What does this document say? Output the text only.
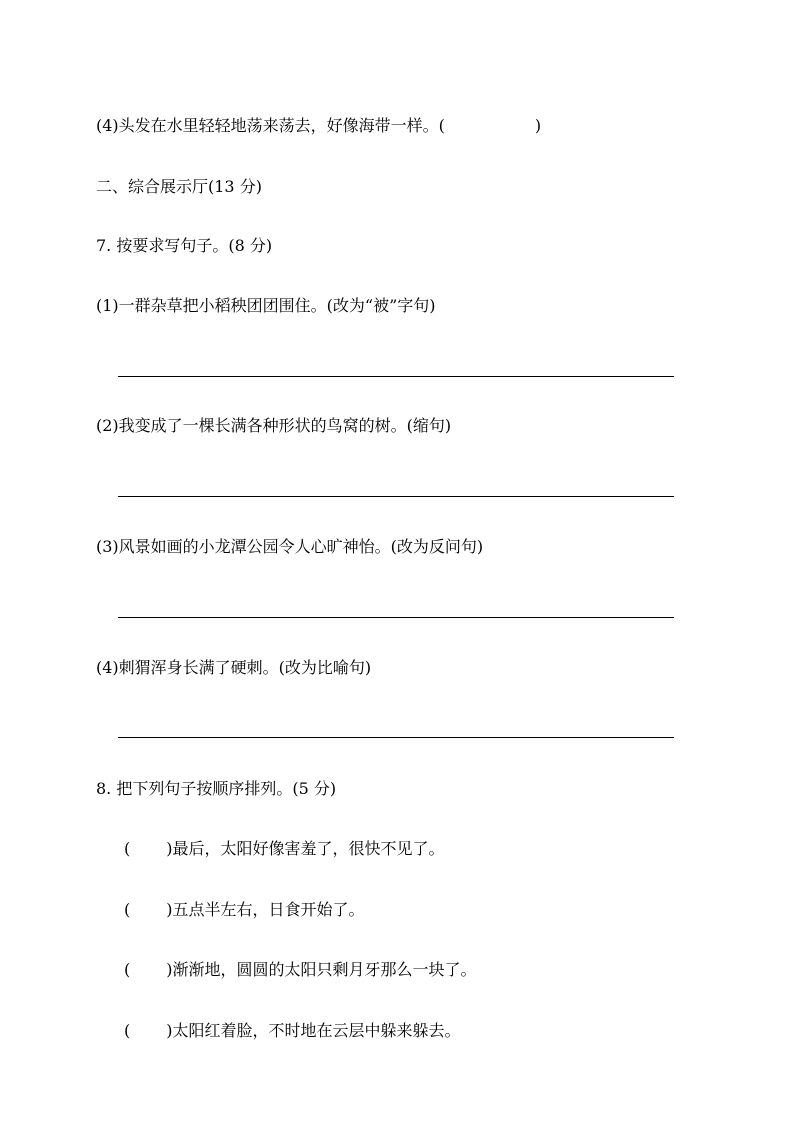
(4)头发在水里轻轻地荡来荡去，好像海带一样。(	)
二、综合展示厅(13 分)
7. 按要求写句子。(8 分)
(1)一群杂草把小稻秧团团围住。(改为“被”字句)
(2)我变成了一棵长满各种形状的鸟窝的树。(缩句)
(3)风景如画的小龙潭公园令人心旷神怡。(改为反问句)
(4)刺猬浑身长满了硬刺。(改为比喻句)
8. 把下列句子按顺序排列。(5 分)
( )最后，太阳好像害羞了，很快不见了。
( )五点半左右，日食开始了。
( )渐渐地，圆圆的太阳只剩月牙那么一块了。
( )太阳红着脸，不时地在云层中躲来躲去。
